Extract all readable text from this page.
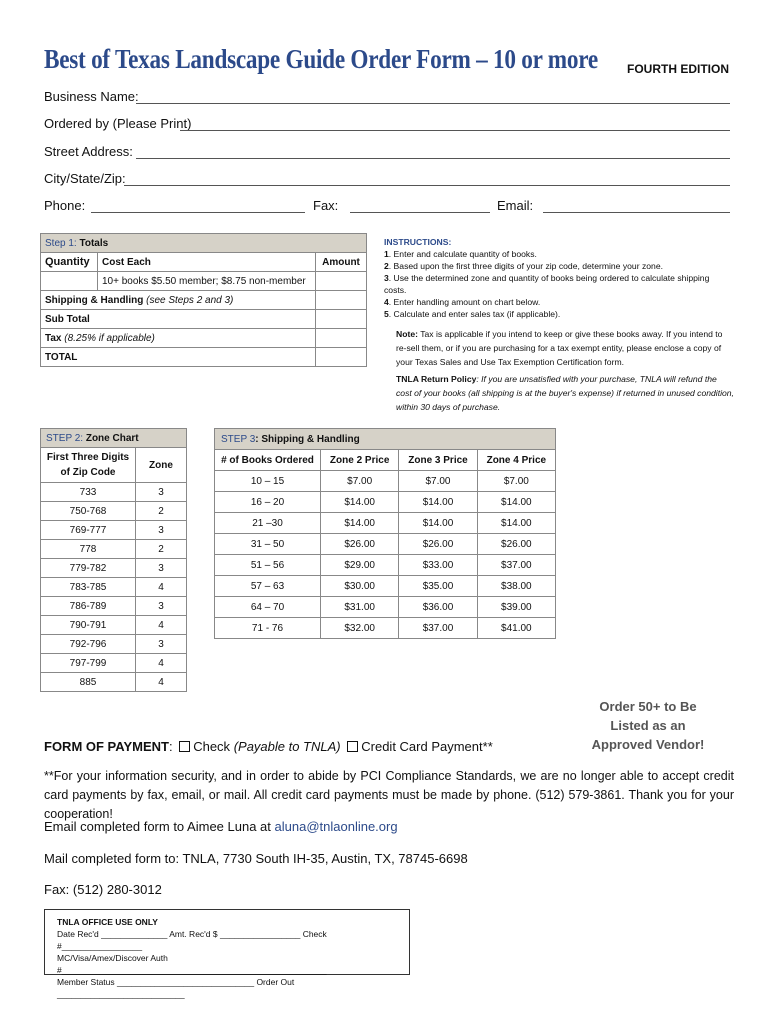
Best of Texas Landscape Guide Order Form – 10 or more FOURTH EDITION
Business Name:
Ordered by (Please Print)
Street Address:
City/State/Zip:
Phone:	Fax:	Email:
Step 1: Totals		
Quantity	Cost Each	Amount
	10+ books $5.50 member; $8.75 non-member	
Shipping & Handling (see Steps 2 and 3)		
Sub Total		
Tax (8.25% if applicable)		
TOTAL		
INSTRUCTIONS:
1. Enter and calculate quantity of books.
2. Based upon the first three digits of your zip code, determine your zone.
3. Use the determined zone and quantity of books being ordered to calculate shipping costs.
4. Enter handling amount on chart below.
5. Calculate and enter sales tax (if applicable).
Note: Tax is applicable if you intend to keep or give these books away. If you intend to re-sell them, or if you are purchasing for a tax exempt entity, please enclose a copy of your Texas Sales and Use Tax Exemption Certification form.
TNLA Return Policy: If you are unsatisfied with your purchase, TNLA will refund the cost of your books (all shipping is at the buyer's expense) if returned in unused condition, within 30 days of purchase.
STEP 2: Zone Chart	
First Three Digits of Zip Code	Zone
733	3
750-768	2
769-777	3
778	2
779-782	3
783-785	4
786-789	3
790-791	4
792-796	3
797-799	4
885	4
STEP 3: Shipping & Handling			
# of Books Ordered	Zone 2 Price	Zone 3 Price	Zone 4 Price
10 – 15	$7.00	$7.00	$7.00
16 – 20	$14.00	$14.00	$14.00
21 –30	$14.00	$14.00	$14.00
31 – 50	$26.00	$26.00	$26.00
51 – 56	$29.00	$33.00	$37.00
57 – 63	$30.00	$35.00	$38.00
64 – 70	$31.00	$36.00	$39.00
71 - 76	$32.00	$37.00	$41.00
Order 50+ to Be
Listed as an
Approved Vendor!
FORM OF PAYMENT: Check (Payable to TNLA) Credit Card Payment**
**For your information security, and in order to abide by PCI Compliance Standards, we are no longer able to accept credit card payments by fax, email, or mail. All credit card payments must be made by phone. (512) 579-3861. Thank you for your cooperation!
Email completed form to Aimee Luna at aluna@tnlaonline.org
Mail completed form to: TNLA, 7730 South IH-35, Austin, TX, 78745-6698
Fax: (512) 280-3012
TNLA OFFICE USE ONLY
Date Rec'd ______________ Amt. Rec'd $ _________________ Check #_________________
MC/Visa/Amex/Discover Auth #________________________________________________________
Member Status _____________________________ Order Out ___________________________
